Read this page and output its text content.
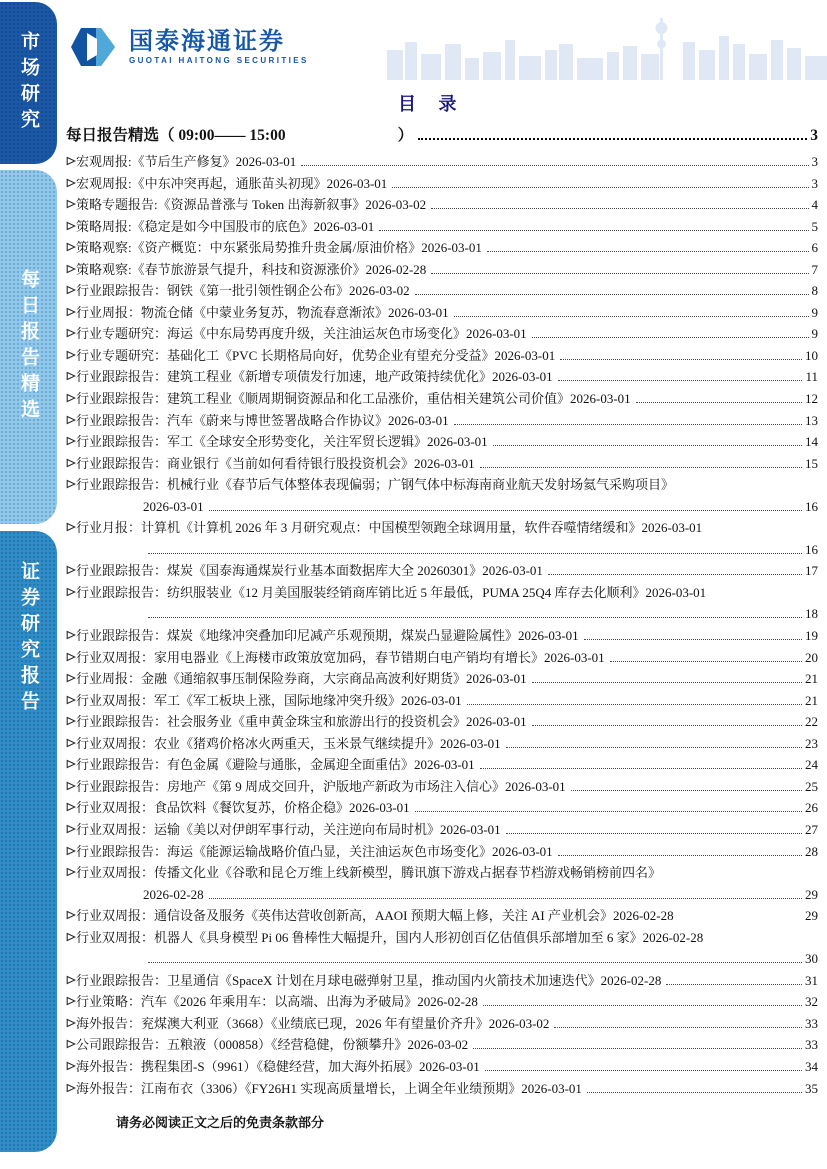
市场研究
每日报告精选
证券研究报告
国泰海通证券
GUOTAI HAITONG SECURITIES
目 录
每日报告精选（ 09:00—— 15:00	）	3
宏观周报:《节后生产修复》2026-03-01	3
宏观周报:《中东冲突再起，通胀苗头初现》2026-03-01	3
策略专题报告:《资源品普涨与 Token 出海新叙事》2026-03-02	4
策略周报:《稳定是如今中国股市的底色》2026-03-01	5
策略观察:《资产概览：中东紧张局势推升贵金属/原油价格》2026-03-01	6
策略观察:《春节旅游景气提升，科技和资源涨价》2026-02-28	7
行业跟踪报告：钢铁《第一批引领性钢企公布》2026-03-02	8
行业周报：物流仓储《中蒙业务复苏，物流春意渐浓》2026-03-01	9
行业专题研究：海运《中东局势再度升级，关注油运灰色市场变化》2026-03-01	9
行业专题研究：基础化工《PVC 长期格局向好，优势企业有望充分受益》2026-03-01	10
行业跟踪报告：建筑工程业《新增专项债发行加速，地产政策持续优化》2026-03-01	11
行业跟踪报告：建筑工程业《顺周期铜资源品和化工品涨价，重估相关建筑公司价值》2026-03-01	12
行业跟踪报告：汽车《蔚来与博世签署战略合作协议》2026-03-01	13
行业跟踪报告：军工《全球安全形势变化，关注军贸长逻辑》2026-03-01	14
行业跟踪报告：商业银行《当前如何看待银行股投资机会》2026-03-01	15
行业跟踪报告：机械行业《春节后气体整体表现偏弱；广钢气体中标海南商业航天发射场氦气采购项目》
2026-03-01	16
行业月报：计算机《计算机 2026 年 3 月研究观点：中国模型领跑全球调用量，软件吞噬情绪缓和》2026-03-01
16
行业跟踪报告：煤炭《国泰海通煤炭行业基本面数据库大全 20260301》2026-03-01	17
行业跟踪报告：纺织服装业《12 月美国服装经销商库销比近 5 年最低，PUMA 25Q4 库存去化顺利》2026-03-01
18
行业跟踪报告：煤炭《地缘冲突叠加印尼减产乐观预期，煤炭凸显避险属性》2026-03-01	19
行业双周报：家用电器业《上海楼市政策放宽加码，春节错期白电产销均有增长》2026-03-01	20
行业周报：金融《通缩叙事压制保险券商，大宗商品高波利好期货》2026-03-01	21
行业双周报：军工《军工板块上涨，国际地缘冲突升级》2026-03-01	21
行业跟踪报告：社会服务业《重申黄金珠宝和旅游出行的投资机会》2026-03-01	22
行业双周报：农业《猪鸡价格冰火两重天，玉米景气继续提升》2026-03-01	23
行业跟踪报告：有色金属《避险与通胀，金属迎全面重估》2026-03-01	24
行业跟踪报告：房地产《第 9 周成交回升，沪版地产新政为市场注入信心》2026-03-01	25
行业双周报：食品饮料《餐饮复苏，价格企稳》2026-03-01	26
行业双周报：运输《美以对伊朗军事行动，关注逆向布局时机》2026-03-01	27
行业跟踪报告：海运《能源运输战略价值凸显，关注油运灰色市场变化》2026-03-01	28
行业双周报：传播文化业《谷歌和昆仑万维上线新模型，腾讯旗下游戏占据春节档游戏畅销榜前四名》
2026-02-28	29
行业双周报：通信设备及服务《英伟达营收创新高，AAOI 预期大幅上修，关注 AI 产业机会》2026-02-28	29
行业双周报：机器人《具身模型 Pi 06 鲁棒性大幅提升，国内人形初创百亿估值俱乐部增加至 6 家》2026-02-28
30
行业跟踪报告：卫星通信《SpaceX 计划在月球电磁弹射卫星，推动国内火箭技术加速迭代》2026-02-28	31
行业策略：汽车《2026 年乘用车：以高端、出海为矛破局》2026-02-28	32
海外报告：兖煤澳大利亚（3668）《业绩底已现，2026 年有望量价齐升》2026-03-02	33
公司跟踪报告：五粮液（000858）《经营稳健，份额攀升》2026-03-02	33
海外报告：携程集团-S（9961）《稳健经营，加大海外拓展》2026-03-01	34
海外报告：江南布衣（3306）《FY26H1 实现高质量增长，上调全年业绩预期》2026-03-01	35
请务必阅读正文之后的免责条款部分
